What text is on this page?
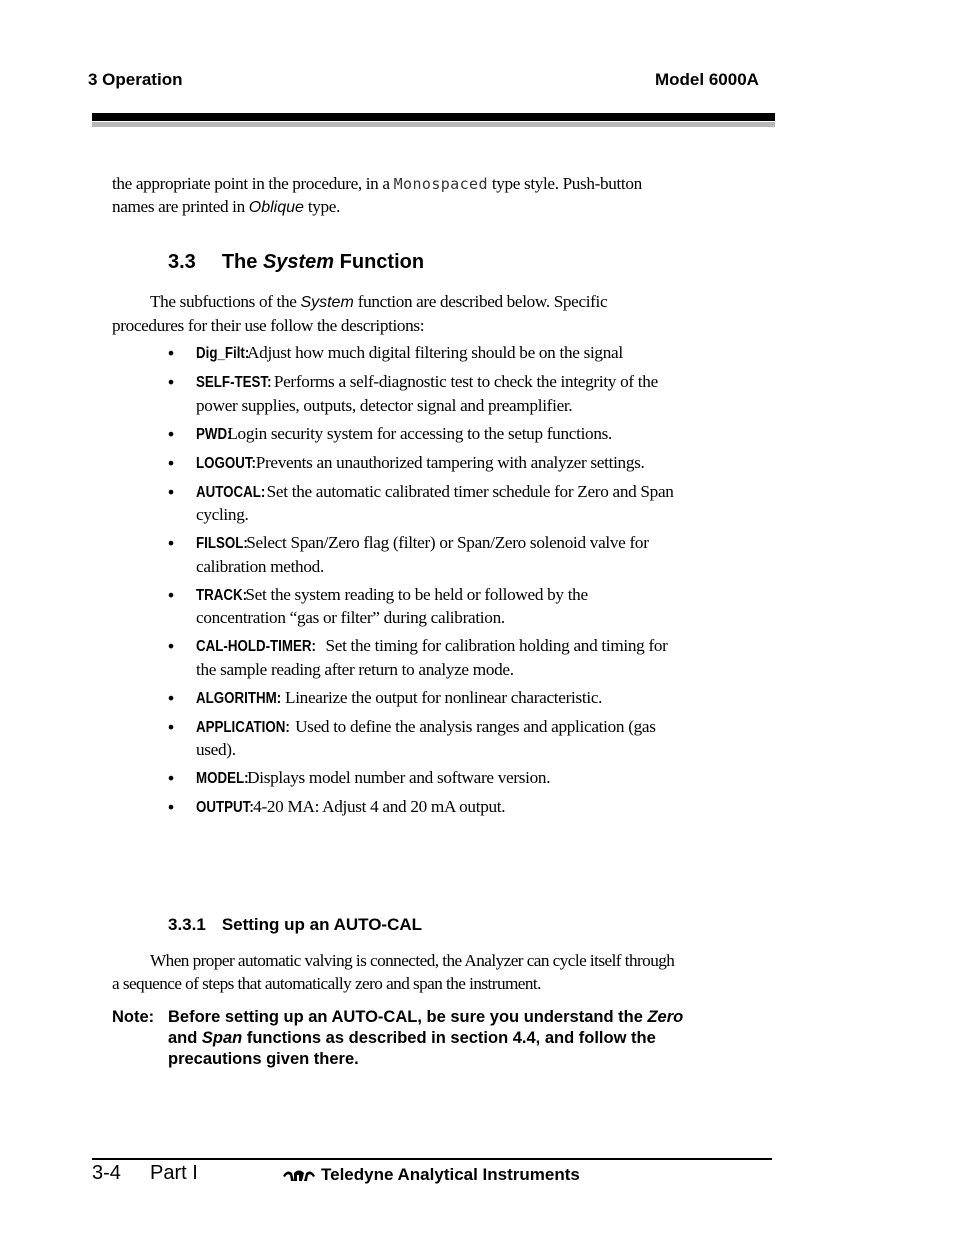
3 Operation	Model 6000A
the appropriate point in the procedure, in a Monospaced type style. Push-button
names are printed in Oblique type.
3.3 The System Function
The subfuctions of the System function are described below. Specific procedures for their use follow the descriptions:
• Dig_Filt: Adjust how much digital filtering should be on the signal
• SELF-TEST: Performs a self-diagnostic test to check the integrity of the power supplies, outputs, detector signal and preamplifier.
• PWD: Login security system for accessing to the setup functions.
• LOGOUT: Prevents an unauthorized tampering with analyzer settings.
• AUTOCAL: Set the automatic calibrated timer schedule for Zero and Span cycling.
• FILSOL: Select Span/Zero flag (filter) or Span/Zero solenoid valve for calibration method.
• TRACK: Set the system reading to be held or followed by the concentration “gas or filter” during calibration.
• CAL-HOLD-TIMER: Set the timing for calibration holding and timing for the sample reading after return to analyze mode.
• ALGORITHM: Linearize the output for nonlinear characteristic.
• APPLICATION: Used to define the analysis ranges and application (gas used).
• MODEL: Displays model number and software version.
• OUTPUT: 4-20 MA: Adjust 4 and 20 mA output.
3.3.1 Setting up an AUTO-CAL
When proper automatic valving is connected, the Analyzer can cycle itself through a sequence of steps that automatically zero and span the instrument.
Note: Before setting up an AUTO-CAL, be sure you understand the Zero and Span functions as described in section 4.4, and follow the precautions given there.
3-4 Part I	Teledyne Analytical Instruments
